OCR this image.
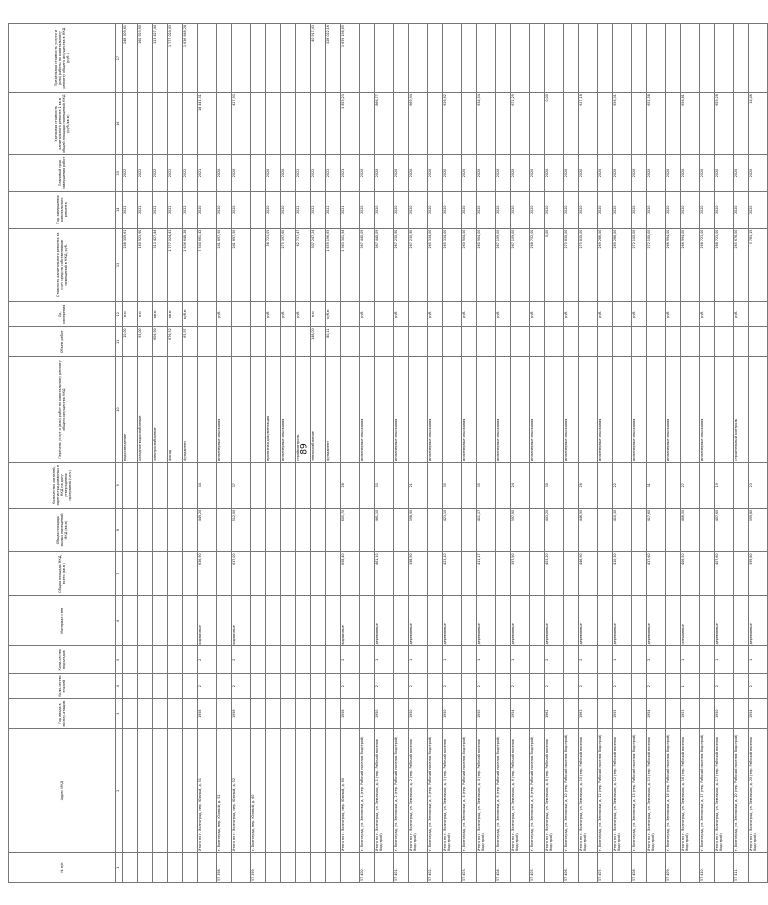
89
№ п/п	Адрес МКД	Год ввода в эксплу-атацию	Коли-чество этажей	Коли-чество подъездов	Материал стен	Общая площадь МКД, всего (кв.м)	Общая площадь жилых помещений МКД (кв.м)	Количество жителей, зарегистри-рованных в МКД на дату утверждения программы (чел.)	Перечень услуг и (или) работ по капитальному ремонту общего имущества МКД	Объем работ	Ед. измерения	Стоимость капитального ремонта за счет средств собственников помещений в МКД, руб.	Год завершения капитального ремонта	Плановый срок завершения работ	Удельная стоимость капитального ремонта 1 кв.м общей площади помещений МКД (руб./кв.м)	Предельная стоимость услуги и (или) работы по капитальному ремонту общего имущества в МКД (руб.)
1	2	3	4	5	6	7	8	9	10	11	12	13	14	15	16	17
									водоотведение	10,00	п.м	248 309,61	2022	2022		248 309,61
									холодное водоснабжение	95,00	п.м	160 923,90	2022	2022		160 923,90
									электроснабжение	606,90	кв.м	313 427,44	2022	2022		313 427,44
									фасад	676,52	кв.м	1 777 024,43	2022	2022		1 777 024,43
									фундамент	65,97	куб.м	1 636 648,28	2022	2022		1 636 648,28
	Итого по г. Волгоград, пер. Южный, д. 51	1958	2	2	кирпичные	636,90	449,20	34				7 540 661,42	2020	2021	18 441,31	
57 398.	г. Волгоград, пер. Южный, д. 52								инженерные изыскания		руб.	241 897,50	2020	2020		
	Итого по г. Волгоград, пер. Южный, д. 52	1958	2	2	кирпичные	637,00	512,00	37				241 897,50	2020	2020	427,93	
57 399.	г. Волгоград, пер. Южный, д. 60															
									проектная документация		руб.	58 723,05	2020	2020		
									инженерные изыскания		руб.	275 397,60	2020	2020		
									стройконтроль		руб.	62 737,47	2022	2022		
									теплоснабжение	148,00	п.м	307 247,24	2022	2022		40 917,43
									фундамент	80,11	куб.м	1 659 196,65	2022	2022		328 022,16
	Итого по г. Волгоград, пер. Южный, д. 60	1958	2	2	кирпичные	658,40	605,70	28				2 363 301,94	2021	2021	3 855,23	1 659 196,65
57 400.	г. Волгоград, ул. Землячки, д. 1 (тер. Рабочий поселок Водстрой)								инженерные изыскания		руб.	367 440,09	2020	2020		
	Итого по г. Волгоград, ул. Землячки, д. 1 (тер. Рабочий поселок Водстрой)	1950	2	1	деревянные	461,10	461,10	33				367 440,09	2020	2020	866,77	
57 401.	г. Волгоград, ул. Землячки, д. 2 (тер. Рабочий поселок Водстрой)								инженерные изыскания		руб.	267 230,90	2020	2020		
	Итого по г. Волгоград, ул. Землячки, д. 2 (тер. Рабочий поселок Водстрой)	1950	2	1	деревянные	398,90	398,90	21				267 230,90	2020	2020	669,94	
57 402.	г. Волгоград, ул. Землячки, д. 3 (тер. Рабочий поселок Водстрой)								инженерные изыскания		руб.	265 334,00	2020	2020		
	Итого по г. Волгоград, ул. Землячки, д. 3 (тер. Рабочий поселок Водстрой)	1950	2	1	деревянные	423,10	423,10	35				265 334,00	2020	2020	626,62	
57 403.	г. Волгоград, ул. Землячки, д. 4 (тер. Рабочий поселок Водстрой)								инженерные изыскания		руб.	260 904,00	2020	2020		
	Итого по г. Волгоград, ул. Землячки, д. 4 (тер. Рабочий поселок Водстрой)	1950	2	1	деревянные	411,17	411,17	35				260 904,00	2020	2020	634,54	
57 404.	г. Волгоград, ул. Землячки, д. 6 (тер. Рабочий поселок Водстрой)								инженерные изыскания		руб.	267 109,00	2020	2020		
	Итого по г. Волгоград, ул. Землячки, д. 6 (тер. Рабочий поселок Водстрой)	1954	2	1	деревянные	397,90	397,90	24				267 109,00	2020	2020	671,29	
57 405.	г. Волгоград, ул. Землячки, д. 8 (тер. Рабочий поселок Водстрой)								инженерные изыскания		руб.	268 752,00	2020	2020		
	Итого по г. Волгоград, ул. Землячки, д. 8 (тер. Рабочий поселок Водстрой)	1962	2	2	деревянные	403,20	403,20	30				0,00	2020	2020	0,00	
57 406.	г. Волгоград, ул. Землячки, д. 10 (тер. Рабочий поселок Водстрой)								инженерные изыскания		руб.	275 830,00	2020	2020		
	Итого по г. Волгоград, ул. Землячки, д. 10 (тер. Рабочий поселок Водстрой)	1963	2	2	деревянные	446,90	446,90	26				275 830,00	2020	2020	617,18	
57 407.	г. Волгоград, ул. Землячки, д. 12 (тер. Рабочий поселок Водстрой)								инженерные изыскания		руб.	269 286,00	2020	2020		
	Итого по г. Волгоград, ул. Землячки, д. 12 (тер. Рабочий поселок Водстрой)	1955	2	1	деревянные	410,30	410,30	22				269 286,00	2020	2020	656,31	
57 408.	г. Волгоград, ул. Землячки, д. 13 (тер. Рабочий поселок Водстрой)								инженерные изыскания		руб.	272 100,00	2020	2020		
	Итого по г. Волгоград, ул. Землячки, д. 13 (тер. Рабочий поселок Водстрой)	1954	2	2	деревянные	417,60	417,60	31				272 100,00	2020	2020	651,58	
57 409.	г. Волгоград, ул. Землячки, д. 16 (тер. Рабочий поселок Водстрой)								инженерные изыскания		руб.	266 994,00	2020	2020		
	Итого по г. Волгоград, ул. Землячки, д. 16 (тер. Рабочий поселок Водстрой)	1953	1	1	смешанные	406,50	406,50	27				266 994,00	2020	2020	656,81	
57 410.	г. Волгоград, ул. Землячки, д. 17 (тер. Рабочий поселок Водстрой)								инженерные изыскания		руб.	268 723,00	2020	2020		
	Итого по г. Волгоград, ул. Землячки, д. 17 (тер. Рабочий поселок Водстрой)	1950	2	1	деревянные	407,60	407,60	19				268 723,00	2020	2020	659,28	
57 411.	г. Волгоград, ул. Землячки, д. 20 (тер. Рабочий поселок Водстрой)								строительный контроль		руб.	265 678,00	2020	2020		
	Итого по г. Волгоград, ул. Землячки, д. 20 (тер. Рабочий поселок Водстрой)	1954	2	1	деревянные	399,80	399,80	23				5 783,15	2020	2020	14,46	
